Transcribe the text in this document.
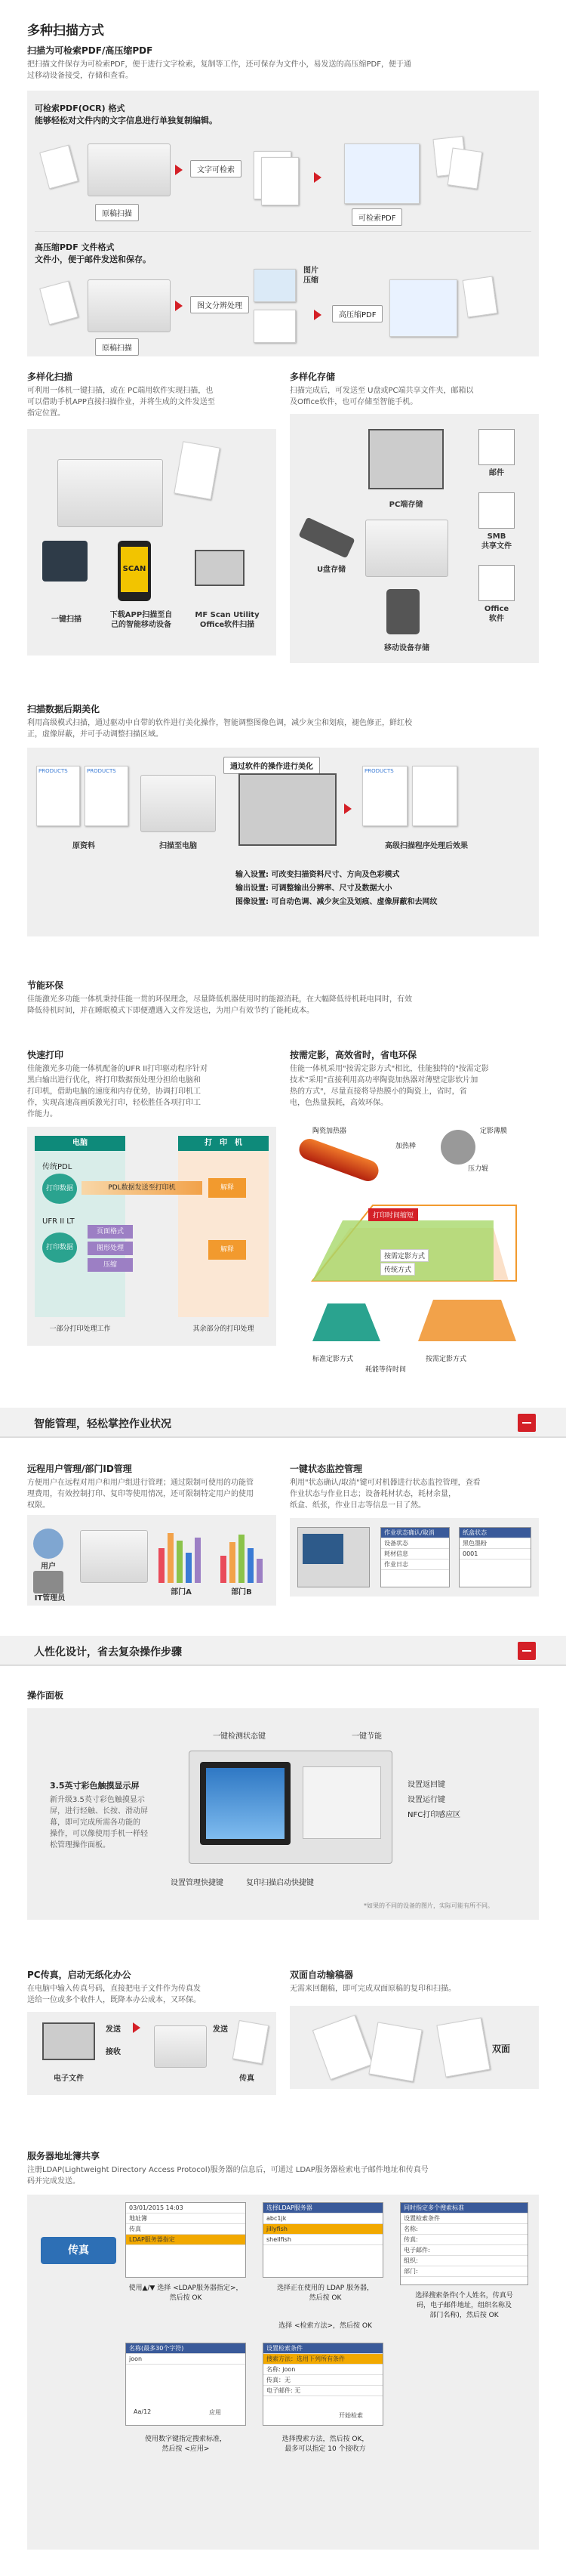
多种扫描方式
扫描为可检索PDF/高压缩PDF
把扫描文件保存为可检索PDF，便于进行文字检索，复制等工作，还可保存为文件小，易发送的高压缩PDF，便于通
过移动设备接受，存储和查看。
可检索PDF(OCR) 格式
能够轻松对文件内的文字信息进行单独复制编辑。
原稿扫描
文字可检索
可检索PDF
高压缩PDF 文件格式
文件小，便于邮件发送和保存。
原稿扫描
图文分辨处理
图片
压缩
高压缩PDF
多样化扫描
可利用一体机一键扫描，或在 PC端用软件实现扫描，也
可以借助手机APP直接扫描作业，并将生成的文件发送至
指定位置。
SCAN
一键扫描
下载APP扫描至自
己的智能移动设备
MF Scan Utility
Office软件扫描
多样化存储
扫描完成后，可发送至 U盘或PC端共享文件夹，邮箱以
及Office软件，也可存储至智能手机。
PC端存储
U盘存储
移动设备存储
邮件
SMB
共享文件
Office
软件
扫描数据后期美化
利用高级模式扫描，通过驱动中自带的软件进行美化操作，智能调整图像色调，减少灰尘和划痕，褪色修正，鲜红校
正，虚像屏蔽，并可手动调整扫描区域。
PRODUCTS	PRODUCTS
原资料	扫描至电脑
通过软件的操作进行美化	PRODUCTS
高级扫描程序处理后效果
输入设置: 可改变扫描资料尺寸、方向及色彩模式
输出设置: 可调整输出分辨率、尺寸及数据大小
图像设置: 可自动色调、减少灰尘及划痕、虚像屏蔽和去网纹
节能环保
佳能激光多功能一体机秉持佳能一贯的环保理念，尽量降低机器使用时的能源消耗，在大幅降低待机耗电同时，有效
降低待机时间，并在睡眠模式下即便遭遇入文件发送也，为用户有效节约了能耗成本。
快速打印
佳能激光多功能一体机配备的UFR II打印驱动程序针对
黑白输出进行优化，将打印数据预处理分担给电脑和
打印机，借助电脑的速度和内存优势，协调打印机工
作，实现高速高画质激光打印，轻松胜任各项打印工
作能力。
电脑	打　印　机
传统PDL
打印数据	PDL数据发送至打印机	解释
UFR II LT
打印数据
页面格式
图形处理
压缩
解释
一部分打印处理工作	其余部分的打印处理
按需定影，高效省时，省电环保
佳能一体机采用"按需定影方式"相比，佳能独特的"按需定影
技术"采用"直接利用高功率陶瓷加热器对薄壁定影软片加
热的方式"，尽量直接将导热膜小的陶瓷上，省时，省
电，色热量损耗，高效环保。
加热棒
定影薄膜
陶瓷加热器
压力辊
打印时间缩短
按需定影方式
传统方式
标准定影方式	按需定影方式
耗能等待时间
智能管理，轻松掌控作业状况
远程用户管理/部门ID管理
方便用户在远程对用户和用户组进行管理；通过限制可使用的功能管
理费用，有效控制打印、复印等使用情况，还可限制特定用户的使用
权限。
用户
IT管理员
部门A	部门B
一键状态监控管理
利用"状态确认/取消"键可对机器进行状态监控管理，查看
作业状态与作业日志；设备耗材状态，耗材余量，
纸盒、纸张，作业日志等信息一目了然。
作业状态确认/取消
设备状态
耗材信息
作业日志
纸盒状态
黑色墨粉
0001
人性化设计，省去复杂操作步骤
操作面板
一键检测状态键	一键节能
3.5英寸彩色触摸显示屏
新升级3.5英寸彩色触摸显示
屏，进行轻触、长按、滑动屏
幕，即可完成所需各功能的
操作，可以像使用手机一样轻
松管理操作面板。
设置返回键
设置运行键
NFC打印感应区
设置管理快捷键	复印扫描启动快捷键
*如果的不同的设备的图片，实际可能有所不同。
PC传真，启动无纸化办公
在电脑中输入传真号码，直接把电子文件作为传真发
送给一位或多个收件人，既降本办公成本，又环保。
电子文件
发送
接收
发送
传真
双面自动输稿器
无需来回翻稿，即可完成双面原稿的复印和扫描。
双面
服务器地址簿共享
注册LDAP(Lightweight Directory Access Protocol)服务器的信息后，可通过 LDAP服务器检索电子邮件地址和传真号
码并完成发送。
传真
03/01/2015 14:03
地址簿
传真
LDAP服务器指定
使用▲/▼ 选择 <LDAP服务器指定>，
然后按 OK
选择LDAP服务器
abc1jk
jillyfish
shellfish
选择正在使用的 LDAP 服务器，
然后按 OK
同时指定多个搜索标准
设置检索条件
名称:
传真:
电子邮件:
组织:
部门:
选择搜索条件(个人姓名，传真号
码，电子邮件地址，组织名称及
部门名称)，然后按 OK
选择 <检索方法>，然后按 OK
名称(最多30个字符)
joon
Aa/12	应用
使用数字键指定搜索标准，
然后按 <应用>
设置检索条件
搜索方法：选用下列所有条件
名称: joon
传真：无
电子邮件: 无
开始检索
选择搜索方法，然后按 OK，
最多可以指定 10 个接收方
